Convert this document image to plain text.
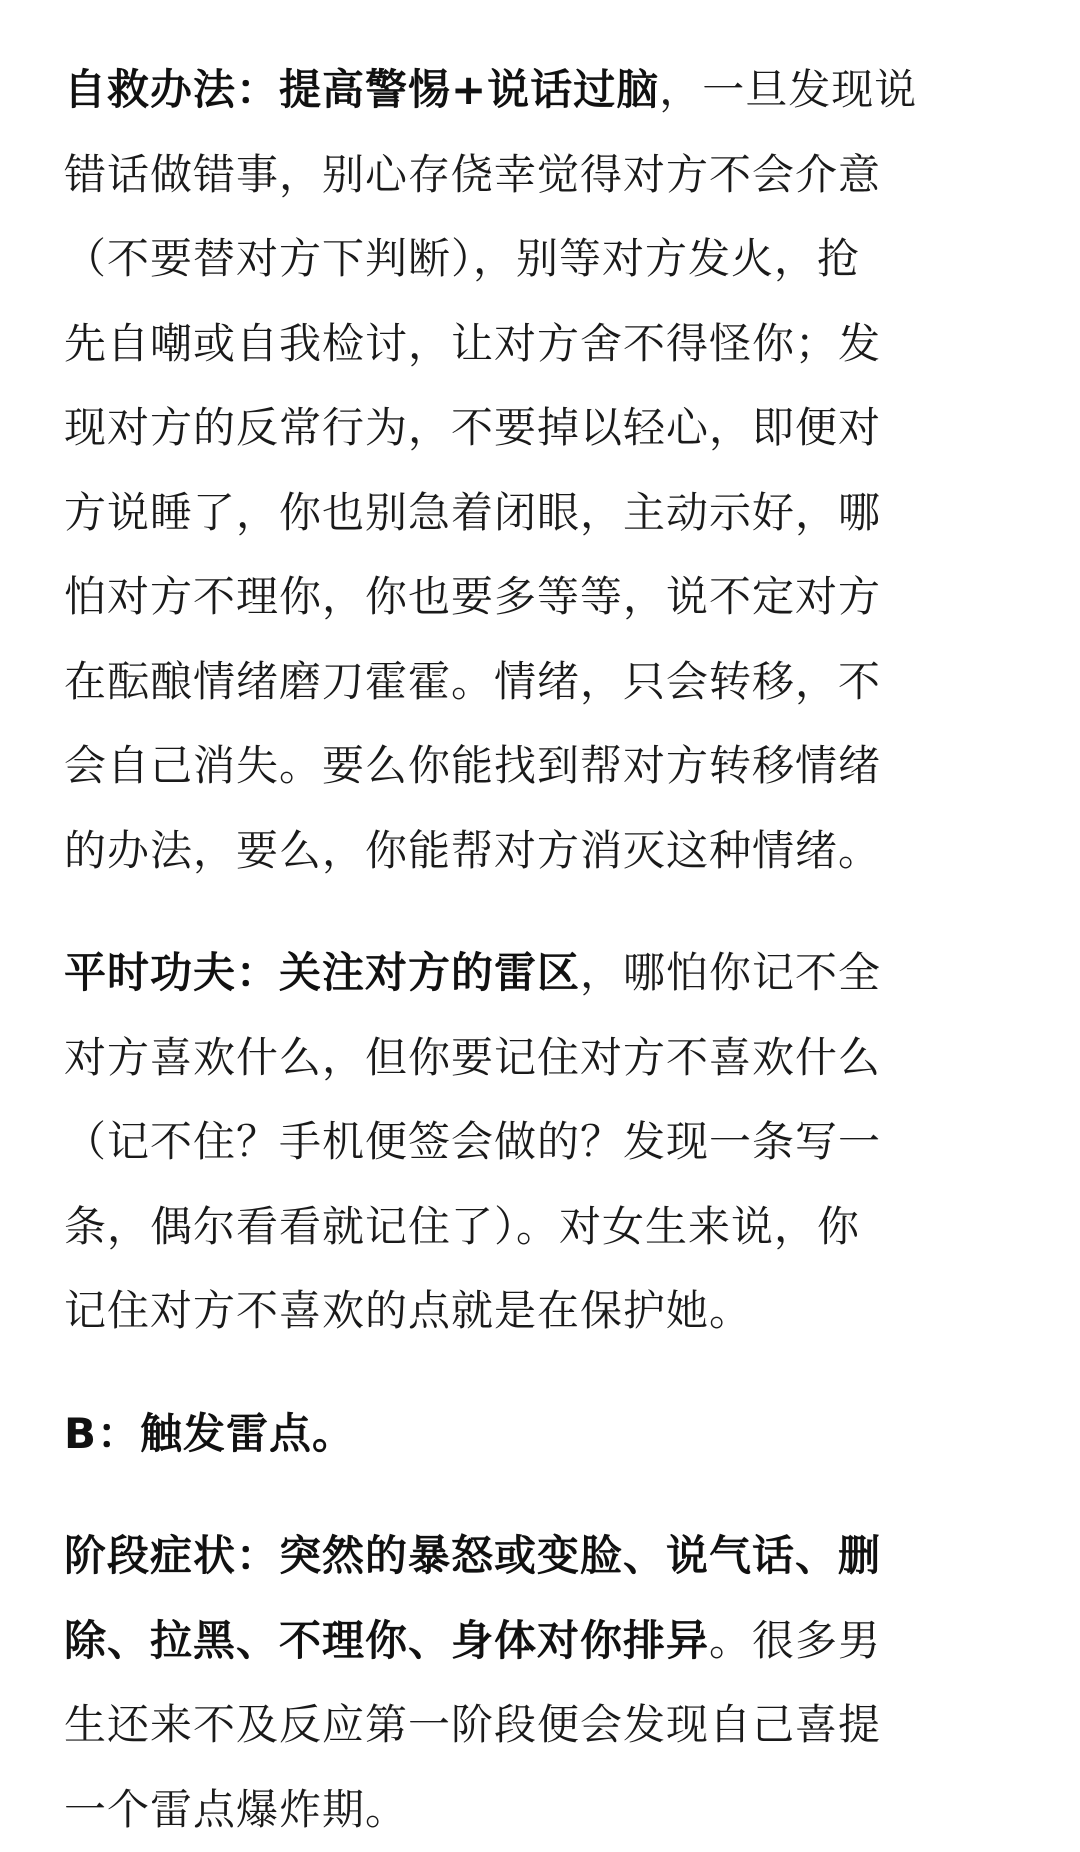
自救办法：提高警惕+说话过脑，一旦发现说
错话做错事，别心存侥幸觉得对方不会介意
（不要替对方下判断），别等对方发火，抢
先自嘲或自我检讨，让对方舍不得怪你；发
现对方的反常行为，不要掉以轻心，即便对
方说睡了，你也别急着闭眼，主动示好，哪
怕对方不理你，你也要多等等，说不定对方
在酝酿情绪磨刀霍霍。情绪，只会转移，不
会自己消失。要么你能找到帮对方转移情绪
的办法，要么，你能帮对方消灭这种情绪。

平时功夫：关注对方的雷区，哪怕你记不全
对方喜欢什么，但你要记住对方不喜欢什么
（记不住？手机便签会做的？发现一条写一
条，偶尔看看就记住了）。对女生来说，你
记住对方不喜欢的点就是在保护她。

B：触发雷点。

阶段症状：突然的暴怒或变脸、说气话、删
除、拉黑、不理你、身体对你排异。很多男
生还来不及反应第一阶段便会发现自己喜提
一个雷点爆炸期。
